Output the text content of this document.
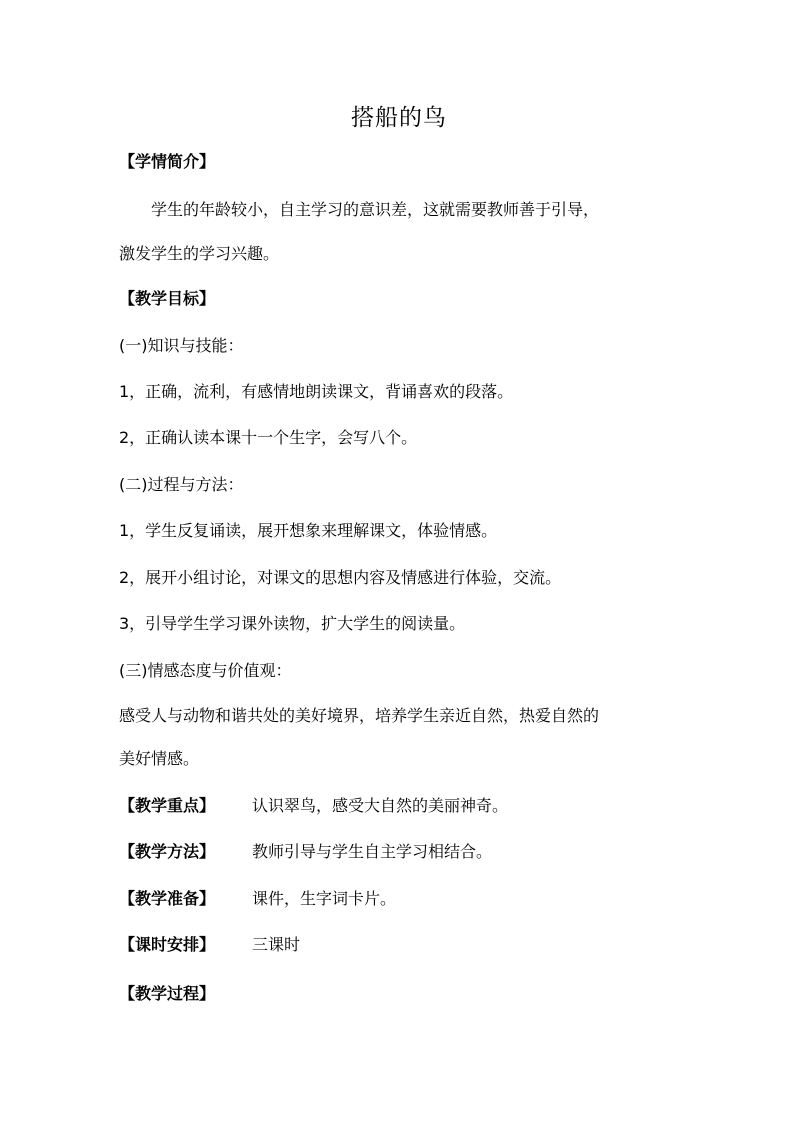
搭船的鸟
【学情简介】
学生的年龄较小，自主学习的意识差，这就需要教师善于引导，
激发学生的学习兴趣。
【教学目标】
(一)知识与技能：
1，正确，流利，有感情地朗读课文，背诵喜欢的段落。
2，正确认读本课十一个生字，会写八个。
(二)过程与方法：
1，学生反复诵读，展开想象来理解课文，体验情感。
2，展开小组讨论，对课文的思想内容及情感进行体验，交流。
3，引导学生学习课外读物，扩大学生的阅读量。
(三)情感态度与价值观：
感受人与动物和谐共处的美好境界，培养学生亲近自然，热爱自然的
美好情感。
【教学重点】 认识翠鸟，感受大自然的美丽神奇。
【教学方法】 教师引导与学生自主学习相结合。
【教学准备】 课件，生字词卡片。
【课时安排】 三课时
【教学过程】
